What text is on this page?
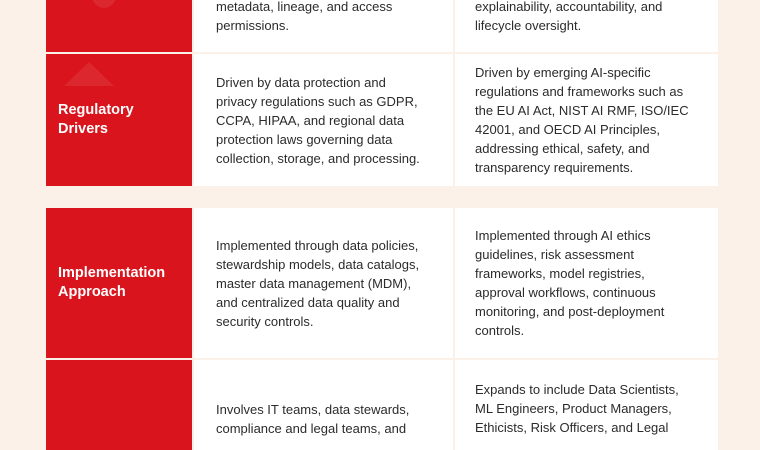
metadata, lineage, and access
permissions.
explainability, accountability, and
lifecycle oversight.
Regulatory
Drivers
Driven by data protection and
privacy regulations such as GDPR,
CCPA, HIPAA, and regional data
protection laws governing data
collection, storage, and processing.
Driven by emerging AI-specific
regulations and frameworks such as
the EU AI Act, NIST AI RMF, ISO/IEC
42001, and OECD AI Principles,
addressing ethical, safety, and
transparency requirements.
Implementation
Approach
Implemented through data policies,
stewardship models, data catalogs,
master data management (MDM),
and centralized data quality and
security controls.
Implemented through AI ethics
guidelines, risk assessment
frameworks, model registries,
approval workflows, continuous
monitoring, and post-deployment
controls.
Involves IT teams, data stewards,
compliance and legal teams, and
Expands to include Data Scientists,
ML Engineers, Product Managers,
Ethicists, Risk Officers, and Legal
